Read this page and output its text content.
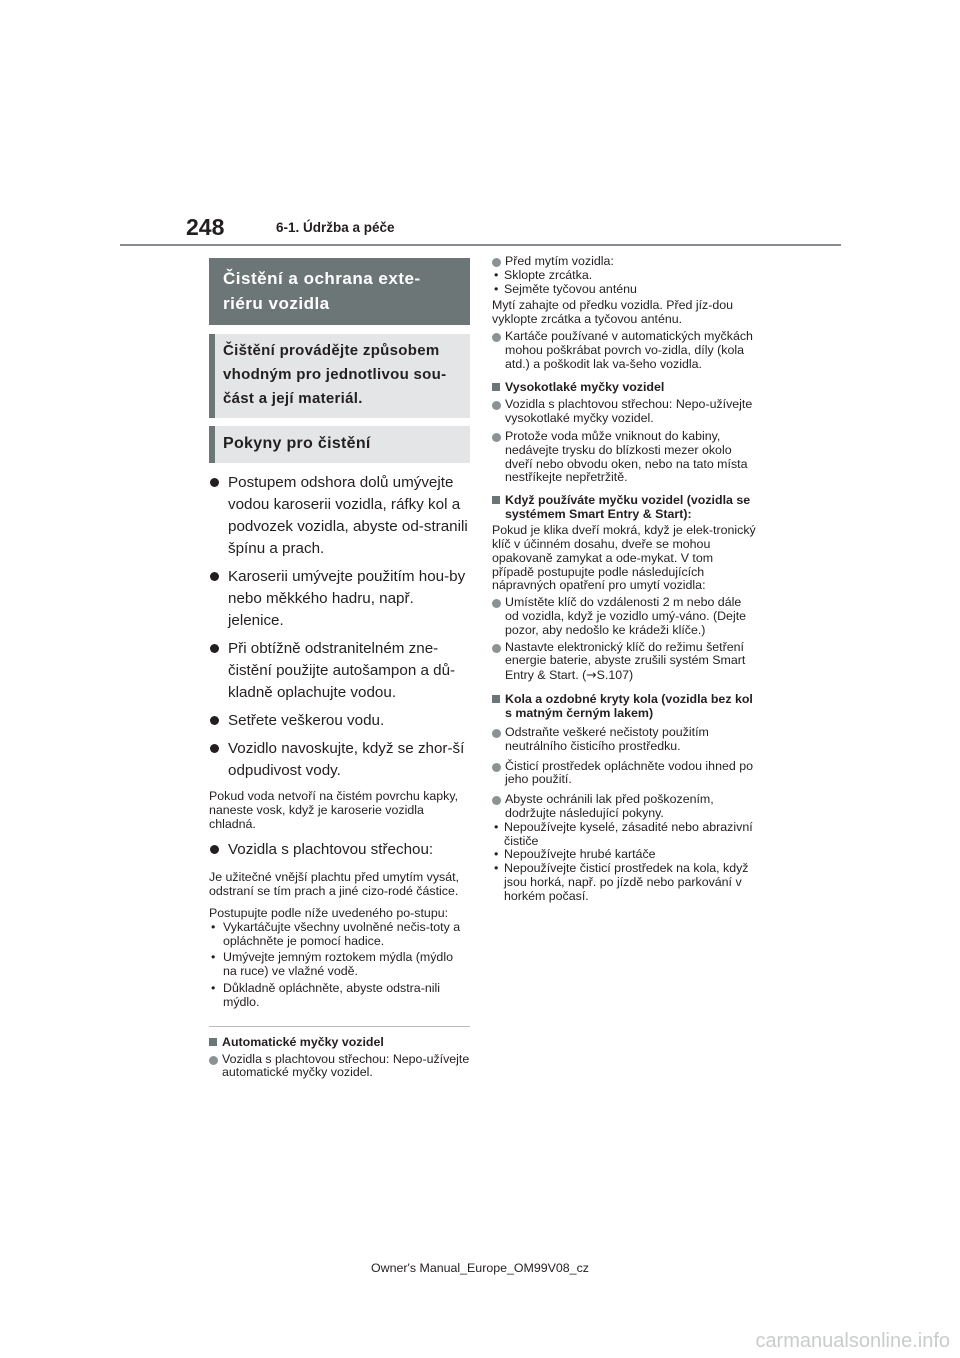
248	6-1. Údržba a péče
Čistění a ochrana exte-riéru vozidla
Čištění provádějte způsobem vhodným pro jednotlivou sou-část a její materiál.
Pokyny pro čistění
Postupem odshora dolů umývejte vodou karoserii vozidla, ráfky kol a podvozek vozidla, abyste od-stranili špínu a prach.
Karoserii umývejte použitím hou-by nebo měkkého hadru, např. jelenice.
Při obtížně odstranitelném zne-čistění použijte autošampon a dů-kladně oplachujte vodou.
Setřete veškerou vodu.
Vozidlo navoskujte, když se zhor-ší odpudivost vody.
Pokud voda netvoří na čistém povrchu kapky, naneste vosk, když je karoserie vozidla chladná.
Vozidla s plachtovou střechou:
Je užitečné vnější plachtu před umytím vysát, odstraní se tím prach a jiné cizo-rodé částice.
Postupujte podle níže uvedeného po-stupu:
• Vykartáčujte všechny uvolněné nečis-toty a opláchněte je pomocí hadice.
• Umývejte jemným roztokem mýdla (mýdlo na ruce) ve vlažné vodě.
• Důkladně opláchněte, abyste odstra-nili mýdlo.
Automatické myčky vozidel
Vozidla s plachtovou střechou: Nepo-užívejte automatické myčky vozidel.
Před mytím vozidla:
• Sklopte zrcátka.
• Sejměte tyčovou anténu
Mytí zahajte od předku vozidla. Před jíz-dou vyklopte zrcátka a tyčovou anténu.
Kartáče používané v automatických myčkách mohou poškrábat povrch vo-zidla, díly (kola atd.) a poškodit lak va-šeho vozidla.
Vysokotlaké myčky vozidel
Vozidla s plachtovou střechou: Nepo-užívejte vysokotlaké myčky vozidel.
Protože voda může vniknout do kabiny, nedávejte trysku do blízkosti mezer okolo dveří nebo obvodu oken, nebo na tato místa nestříkejte nepřetržitě.
Když používáte myčku vozidel (vozidla se systémem Smart Entry & Start):
Pokud je klika dveří mokrá, když je elek-tronický klíč v účinném dosahu, dveře se mohou opakovaně zamykat a ode-mykat. V tom případě postupujte podle následujících nápravných opatření pro umytí vozidla:
Umístěte klíč do vzdálenosti 2 m nebo dále od vozidla, když je vozidlo umý-váno. (Dejte pozor, aby nedošlo ke krádeži klíče.)
Nastavte elektronický klíč do režimu šetření energie baterie, abyste zrušili systém Smart Entry & Start. (→S.107)
Kola a ozdobné kryty kola (vozidla bez kol s matným černým lakem)
Odstraňte veškeré nečistoty použitím neutrálního čisticího prostředku.
Čisticí prostředek opláchněte vodou ihned po jeho použití.
Abyste ochránili lak před poškozením, dodržujte následující pokyny.
• Nepoužívejte kyselé, zásadité nebo abrazivní čističe
• Nepoužívejte hrubé kartáče
• Nepoužívejte čisticí prostředek na kola, když jsou horká, např. po jízdě nebo parkování v horkém počasí.
Owner's Manual_Europe_OM99V08_cz
carmanualsonline.info
